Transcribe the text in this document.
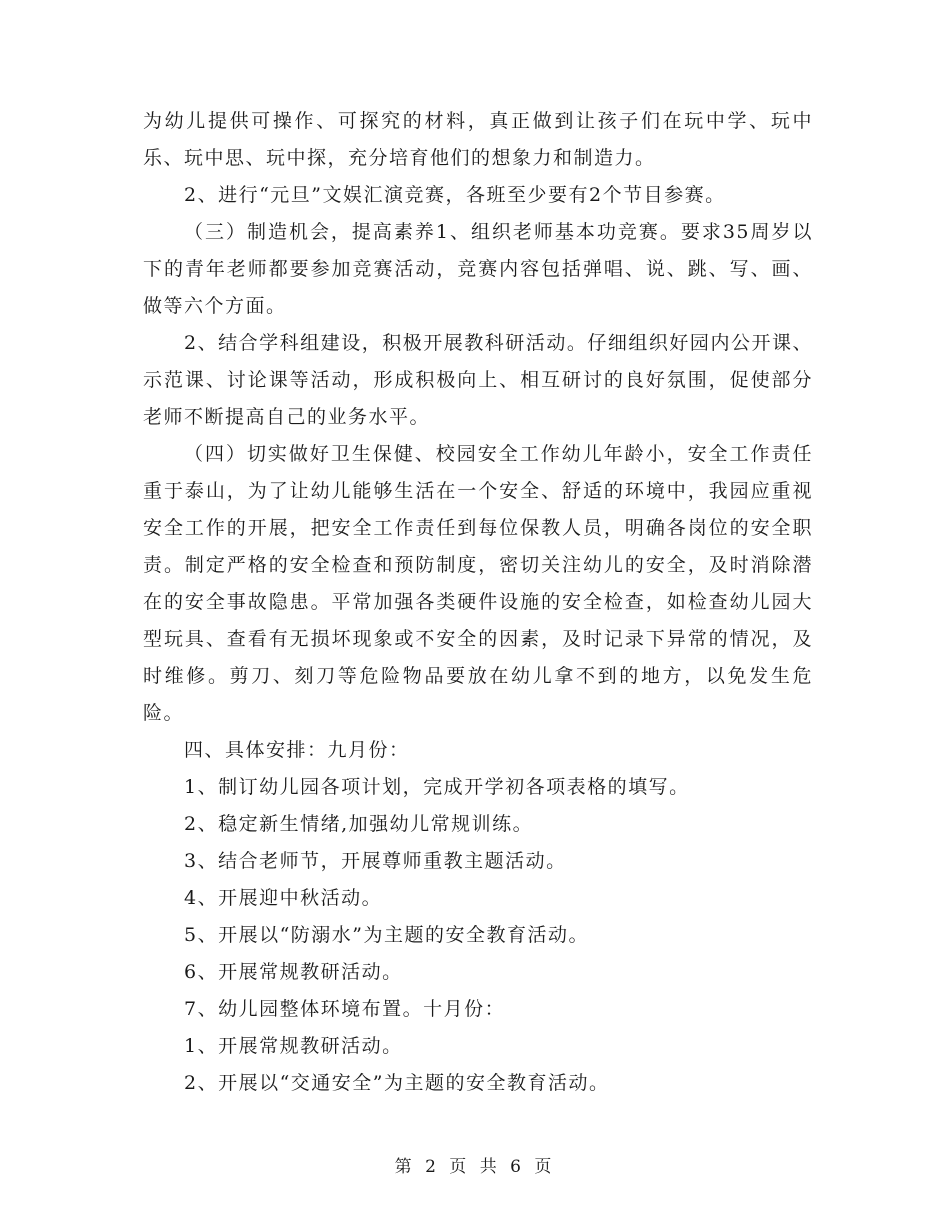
为幼儿提供可操作、可探究的材料，真正做到让孩子们在玩中学、玩中乐、玩中思、玩中探，充分培育他们的想象力和制造力。

2、进行“元旦”文娱汇演竞赛，各班至少要有2个节目参赛。

（三）制造机会，提高素养1、组织老师基本功竞赛。要求35周岁以下的青年老师都要参加竞赛活动，竞赛内容包括弹唱、说、跳、写、画、做等六个方面。

2、结合学科组建设，积极开展教科研活动。仔细组织好园内公开课、示范课、讨论课等活动，形成积极向上、相互研讨的良好氛围，促使部分老师不断提高自己的业务水平。

（四）切实做好卫生保健、校园安全工作幼儿年龄小，安全工作责任重于泰山，为了让幼儿能够生活在一个安全、舒适的环境中，我园应重视安全工作的开展，把安全工作责任到每位保教人员，明确各岗位的安全职责。制定严格的安全检查和预防制度，密切关注幼儿的安全，及时消除潜在的安全事故隐患。平常加强各类硬件设施的安全检查，如检查幼儿园大型玩具、查看有无损坏现象或不安全的因素，及时记录下异常的情况，及时维修。剪刀、刻刀等危险物品要放在幼儿拿不到的地方，以免发生危险。

四、具体安排：九月份：

1、制订幼儿园各项计划，完成开学初各项表格的填写。

2、稳定新生情绪,加强幼儿常规训练。

3、结合老师节，开展尊师重教主题活动。

4、开展迎中秋活动。

5、开展以“防溺水”为主题的安全教育活动。

6、开展常规教研活动。

7、幼儿园整体环境布置。十月份：

1、开展常规教研活动。

2、开展以“交通安全”为主题的安全教育活动。

第 2 页 共 6 页
